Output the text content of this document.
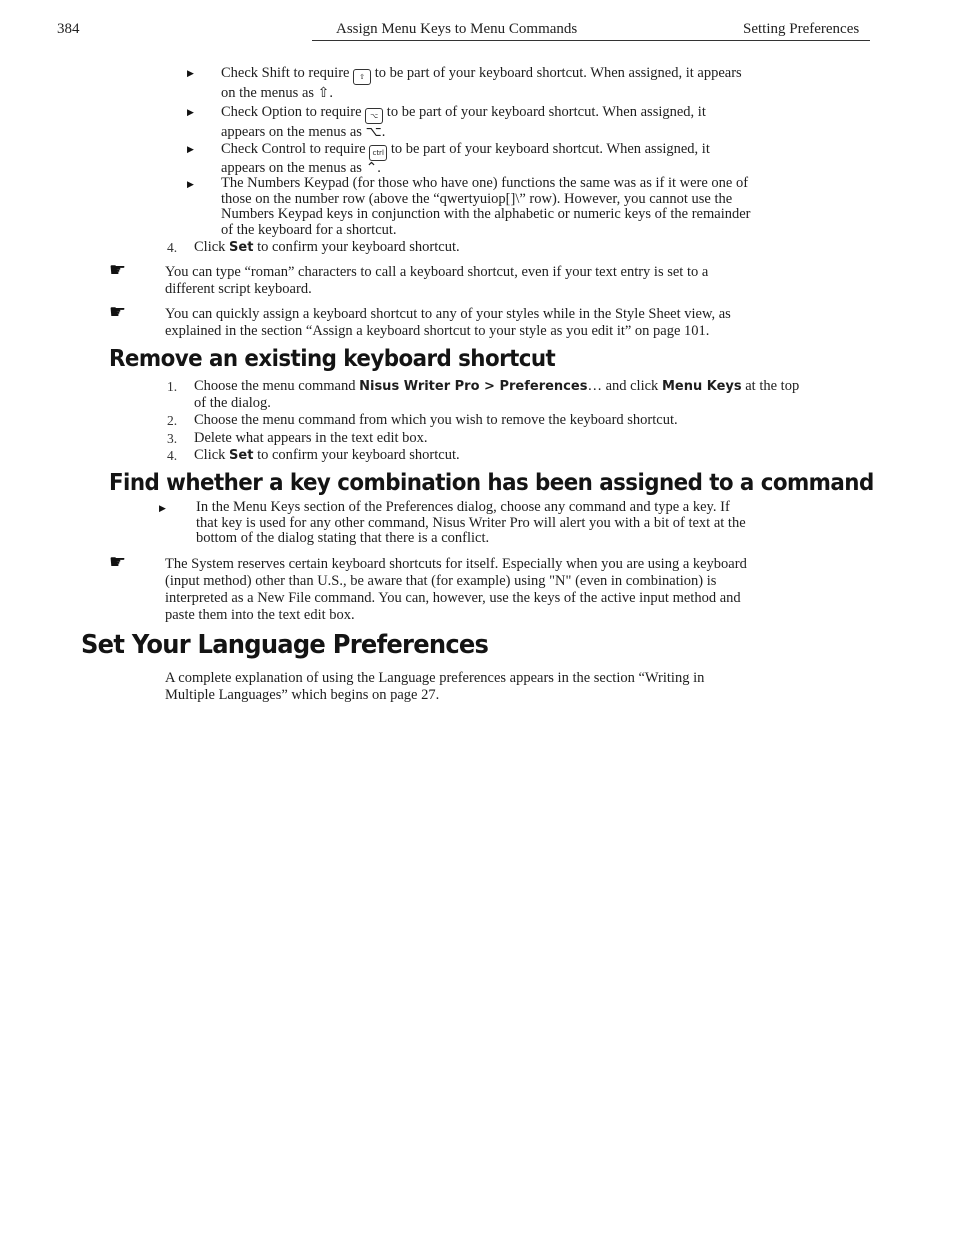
384	Assign Menu Keys to Menu Commands	Setting Preferences
▶ Check Shift to require ⇧ to be part of your keyboard shortcut. When assigned, it appears
on the menus as ⇧.
▶ Check Option to require ⌥ to be part of your keyboard shortcut. When assigned, it
appears on the menus as ⌥.
▶ Check Control to require ctrl to be part of your keyboard shortcut. When assigned, it
appears on the menus as ⌃.
▶ The Numbers Keypad (for those who have one) functions the same was as if it were one of
those on the number row (above the “qwertyuiop[]\” row). However, you cannot use the
Numbers Keypad keys in conjunction with the alphabetic or numeric keys of the remainder
of the keyboard for a shortcut.
4. Click Set to confirm your keyboard shortcut.
☛	You can type “roman” characters to call a keyboard shortcut, even if your text entry is set to a
different script keyboard.
☛	You can quickly assign a keyboard shortcut to any of your styles while in the Style Sheet view, as
explained in the section “Assign a keyboard shortcut to your style as you edit it” on page 101.
Remove an existing keyboard shortcut
1. Choose the menu command Nisus Writer Pro > Preferences… and click Menu Keys at the top
of the dialog.
2. Choose the menu command from which you wish to remove the keyboard shortcut.
3. Delete what appears in the text edit box.
4. Click Set to confirm your keyboard shortcut.
Find whether a key combination has been assigned to a command
▶ In the Menu Keys section of the Preferences dialog, choose any command and type a key. If
that key is used for any other command, Nisus Writer Pro will alert you with a bit of text at the
bottom of the dialog stating that there is a conflict.
☛	The System reserves certain keyboard shortcuts for itself. Especially when you are using a keyboard
(input method) other than U.S., be aware that (for example) using "N" (even in combination) is
interpreted as a New File command. You can, however, use the keys of the active input method and
paste them into the text edit box.
Set Your Language Preferences
A complete explanation of using the Language preferences appears in the section “Writing in
Multiple Languages” which begins on page 27.
